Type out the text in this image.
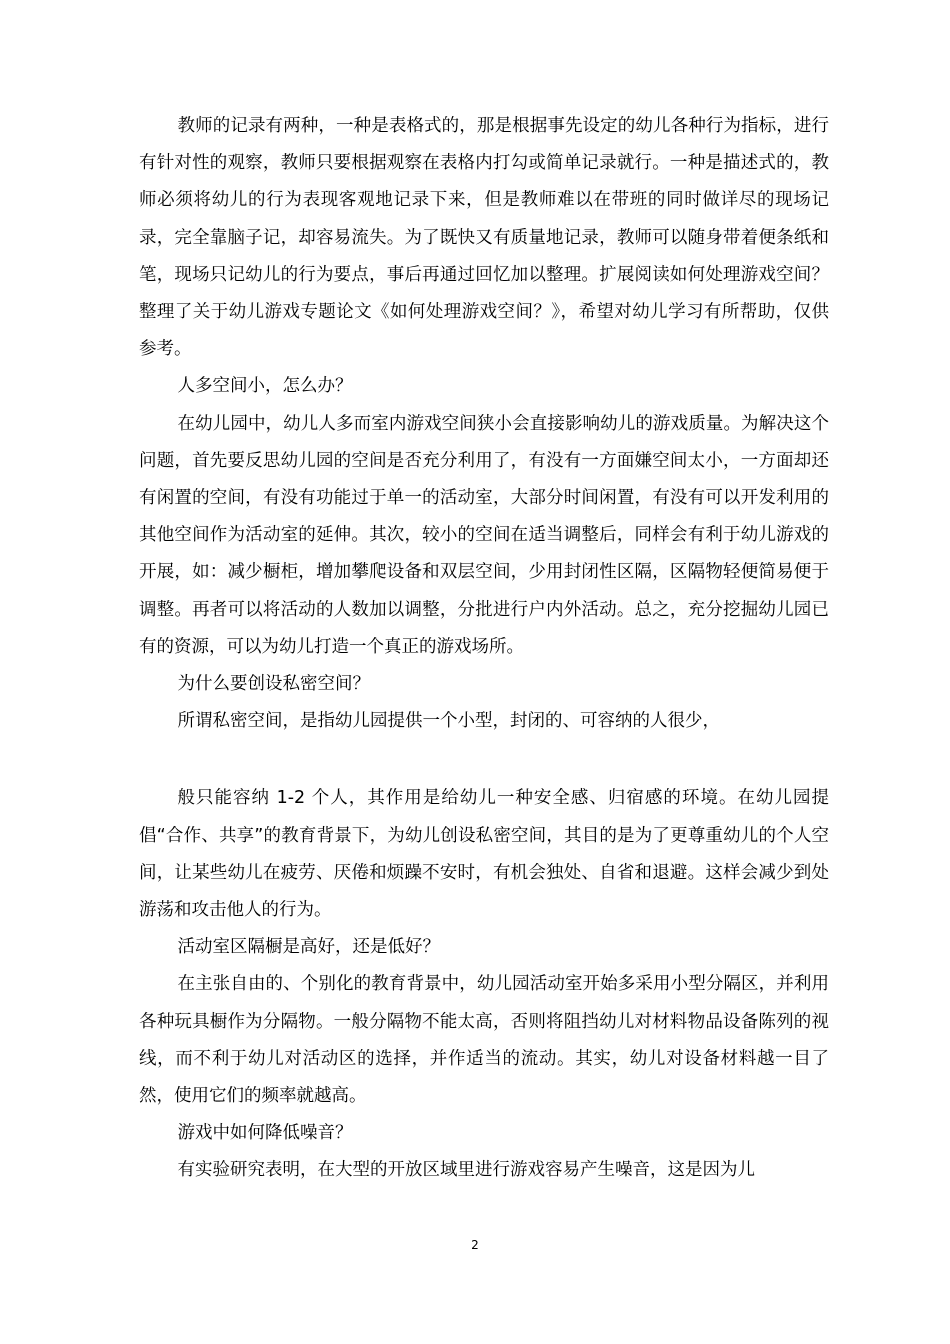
教师的记录有两种，一种是表格式的，那是根据事先设定的幼儿各种行为指标，进行有针对性的观察，教师只要根据观察在表格内打勾或简单记录就行。一种是描述式的，教师必须将幼儿的行为表现客观地记录下来，但是教师难以在带班的同时做详尽的现场记录，完全靠脑子记，却容易流失。为了既快又有质量地记录，教师可以随身带着便条纸和笔，现场只记幼儿的行为要点，事后再通过回忆加以整理。扩展阅读如何处理游戏空间？整理了关于幼儿游戏专题论文《如何处理游戏空间？》，希望对幼儿学习有所帮助，仅供参考。

人多空间小，怎么办？

在幼儿园中，幼儿人多而室内游戏空间狭小会直接影响幼儿的游戏质量。为解决这个问题，首先要反思幼儿园的空间是否充分利用了，有没有一方面嫌空间太小，一方面却还有闲置的空间，有没有功能过于单一的活动室，大部分时间闲置，有没有可以开发利用的其他空间作为活动室的延伸。其次，较小的空间在适当调整后，同样会有利于幼儿游戏的开展，如：减少橱柜，增加攀爬设备和双层空间，少用封闭性区隔，区隔物轻便简易便于调整。再者可以将活动的人数加以调整，分批进行户内外活动。总之，充分挖掘幼儿园已有的资源，可以为幼儿打造一个真正的游戏场所。

为什么要创设私密空间？

所谓私密空间，是指幼儿园提供一个小型，封闭的、可容纳的人很少，

般只能容纳 1-2 个人，其作用是给幼儿一种安全感、归宿感的环境。在幼儿园提倡“合作、共享”的教育背景下，为幼儿创设私密空间，其目的是为了更尊重幼儿的个人空间，让某些幼儿在疲劳、厌倦和烦躁不安时，有机会独处、自省和退避。这样会减少到处游荡和攻击他人的行为。

活动室区隔橱是高好，还是低好？

在主张自由的、个别化的教育背景中，幼儿园活动室开始多采用小型分隔区，并利用各种玩具橱作为分隔物。一般分隔物不能太高，否则将阻挡幼儿对材料物品设备陈列的视线，而不利于幼儿对活动区的选择，并作适当的流动。其实，幼儿对设备材料越一目了然，使用它们的频率就越高。

游戏中如何降低噪音？

有实验研究表明，在大型的开放区域里进行游戏容易产生噪音，这是因为儿

2
